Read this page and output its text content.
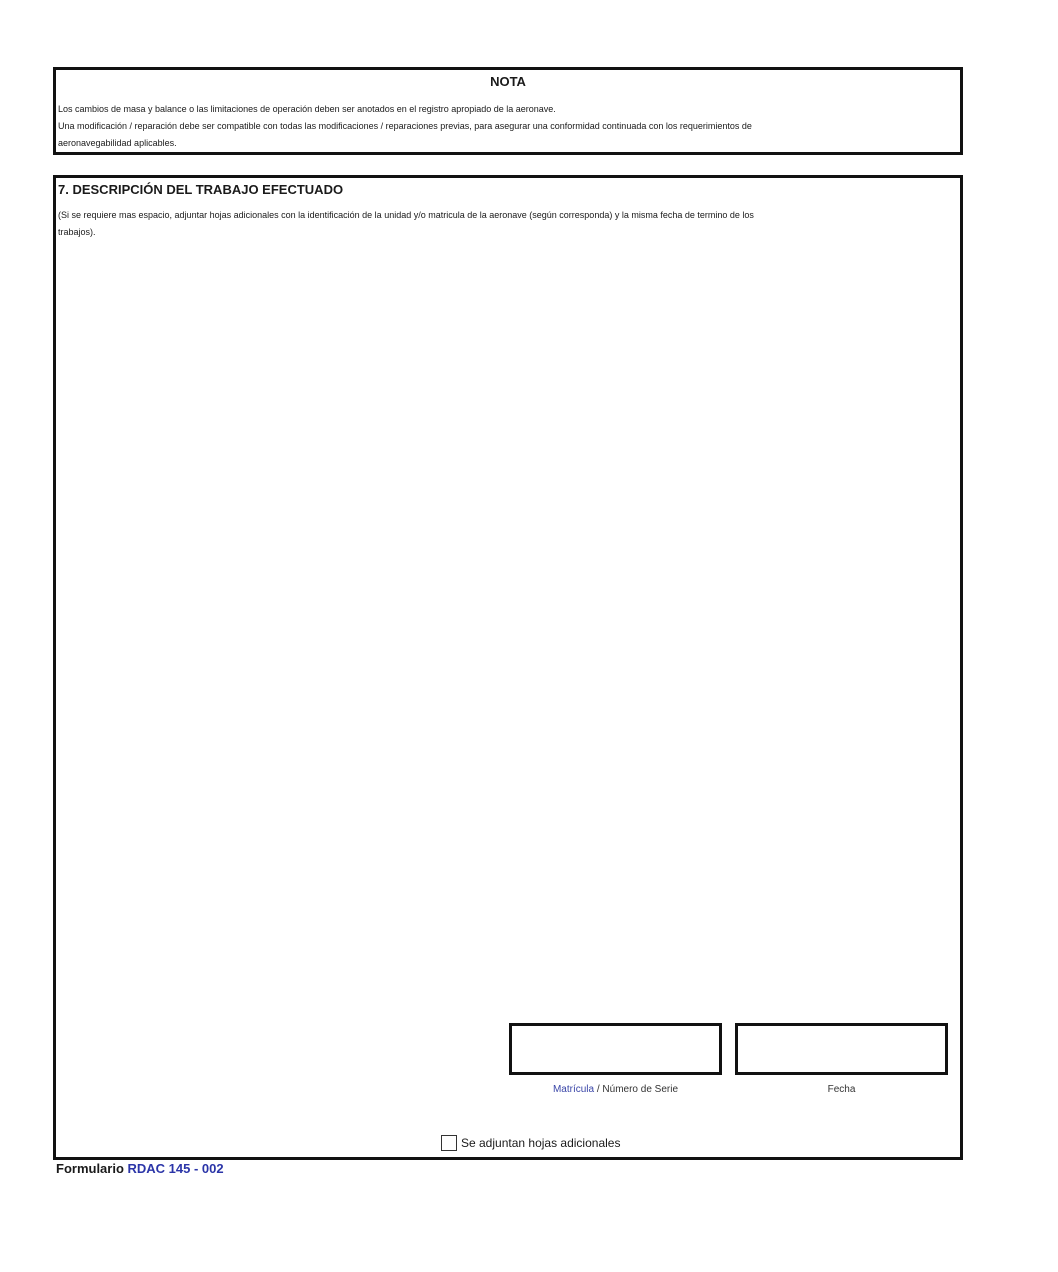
NOTA
Los cambios de masa y balance o las limitaciones de operación deben ser anotados en el registro apropiado de la aeronave.
Una modificación / reparación debe ser compatible con todas las modificaciones / reparaciones previas, para asegurar una conformidad continuada con los requerimientos de
aeronavegabilidad aplicables.
7. DESCRIPCIÓN DEL TRABAJO EFECTUADO
(Si se requiere mas espacio, adjuntar hojas adicionales con la identificación de la unidad y/o matricula de la aeronave (según corresponda) y la misma fecha de termino de los
trabajos).
Matrícula / Número de Serie	Fecha
Se adjuntan hojas adicionales
Formulario RDAC 145 - 002
